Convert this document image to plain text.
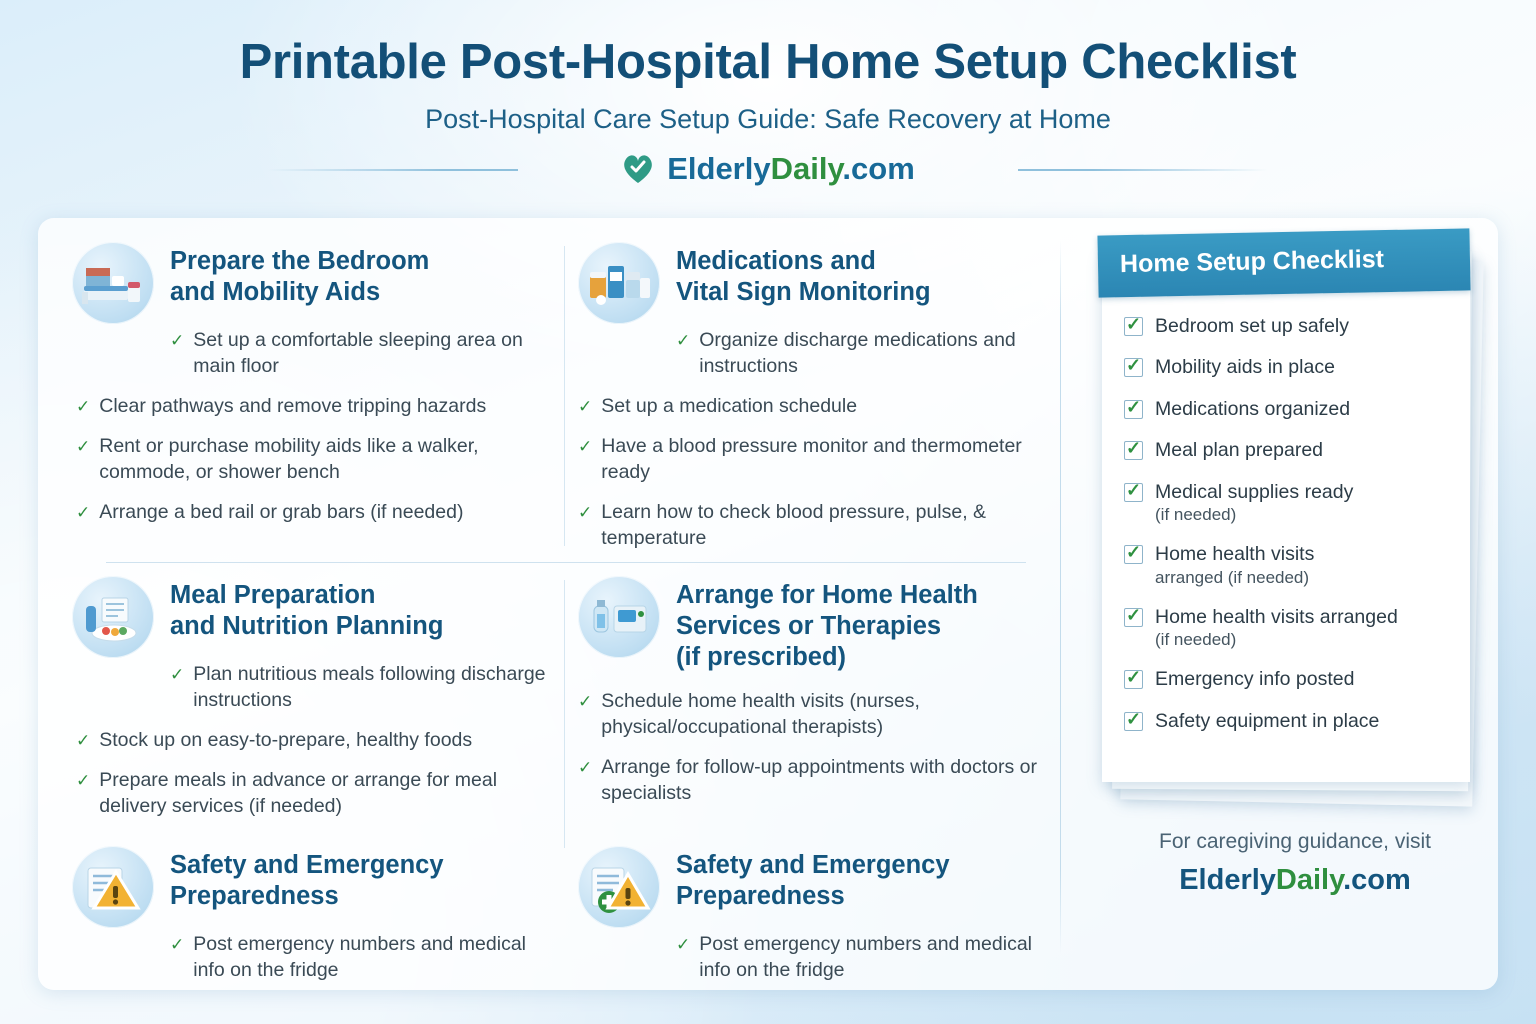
Printable Post-Hospital Home Setup Checklist
Post-Hospital Care Setup Guide: Safe Recovery at Home
ElderlyDaily.com
Prepare the Bedroom
and Mobility Aids
✓ Set up a comfortable sleeping area on main floor
✓ Clear pathways and remove tripping hazards
✓ Rent or purchase mobility aids like a walker, commode, or shower bench
✓ Arrange a bed rail or grab bars (if needed)
Medications and
Vital Sign Monitoring
✓ Organize discharge medications and instructions
✓ Set up a medication schedule
✓ Have a blood pressure monitor and thermometer ready
✓ Learn how to check blood pressure, pulse, & temperature
Meal Preparation
and Nutrition Planning
✓ Plan nutritious meals following discharge instructions
✓ Stock up on easy-to-prepare, healthy foods
✓ Prepare meals in advance or arrange for meal delivery services (if needed)
Arrange for Home Health
Services or Therapies
(if prescribed)
✓ Schedule home health visits (nurses, physical/occupational therapists)
✓ Arrange for follow-up appointments with doctors or specialists
Safety and Emergency
Preparedness
✓ Post emergency numbers and medical info on the fridge
Safety and Emergency
Preparedness
✓ Post emergency numbers and medical info on the fridge
Home Setup Checklist
✓
Bedroom set up safely
✓
Mobility aids in place
✓
Medications organized
✓
Meal plan prepared
✓
Medical supplies ready
(if needed)
✓
Home health visits
arranged (if needed)
✓
Home health visits arranged
(if needed)
✓
Emergency info posted
✓
Safety equipment in place
For caregiving guidance, visit
ElderlyDaily.com
